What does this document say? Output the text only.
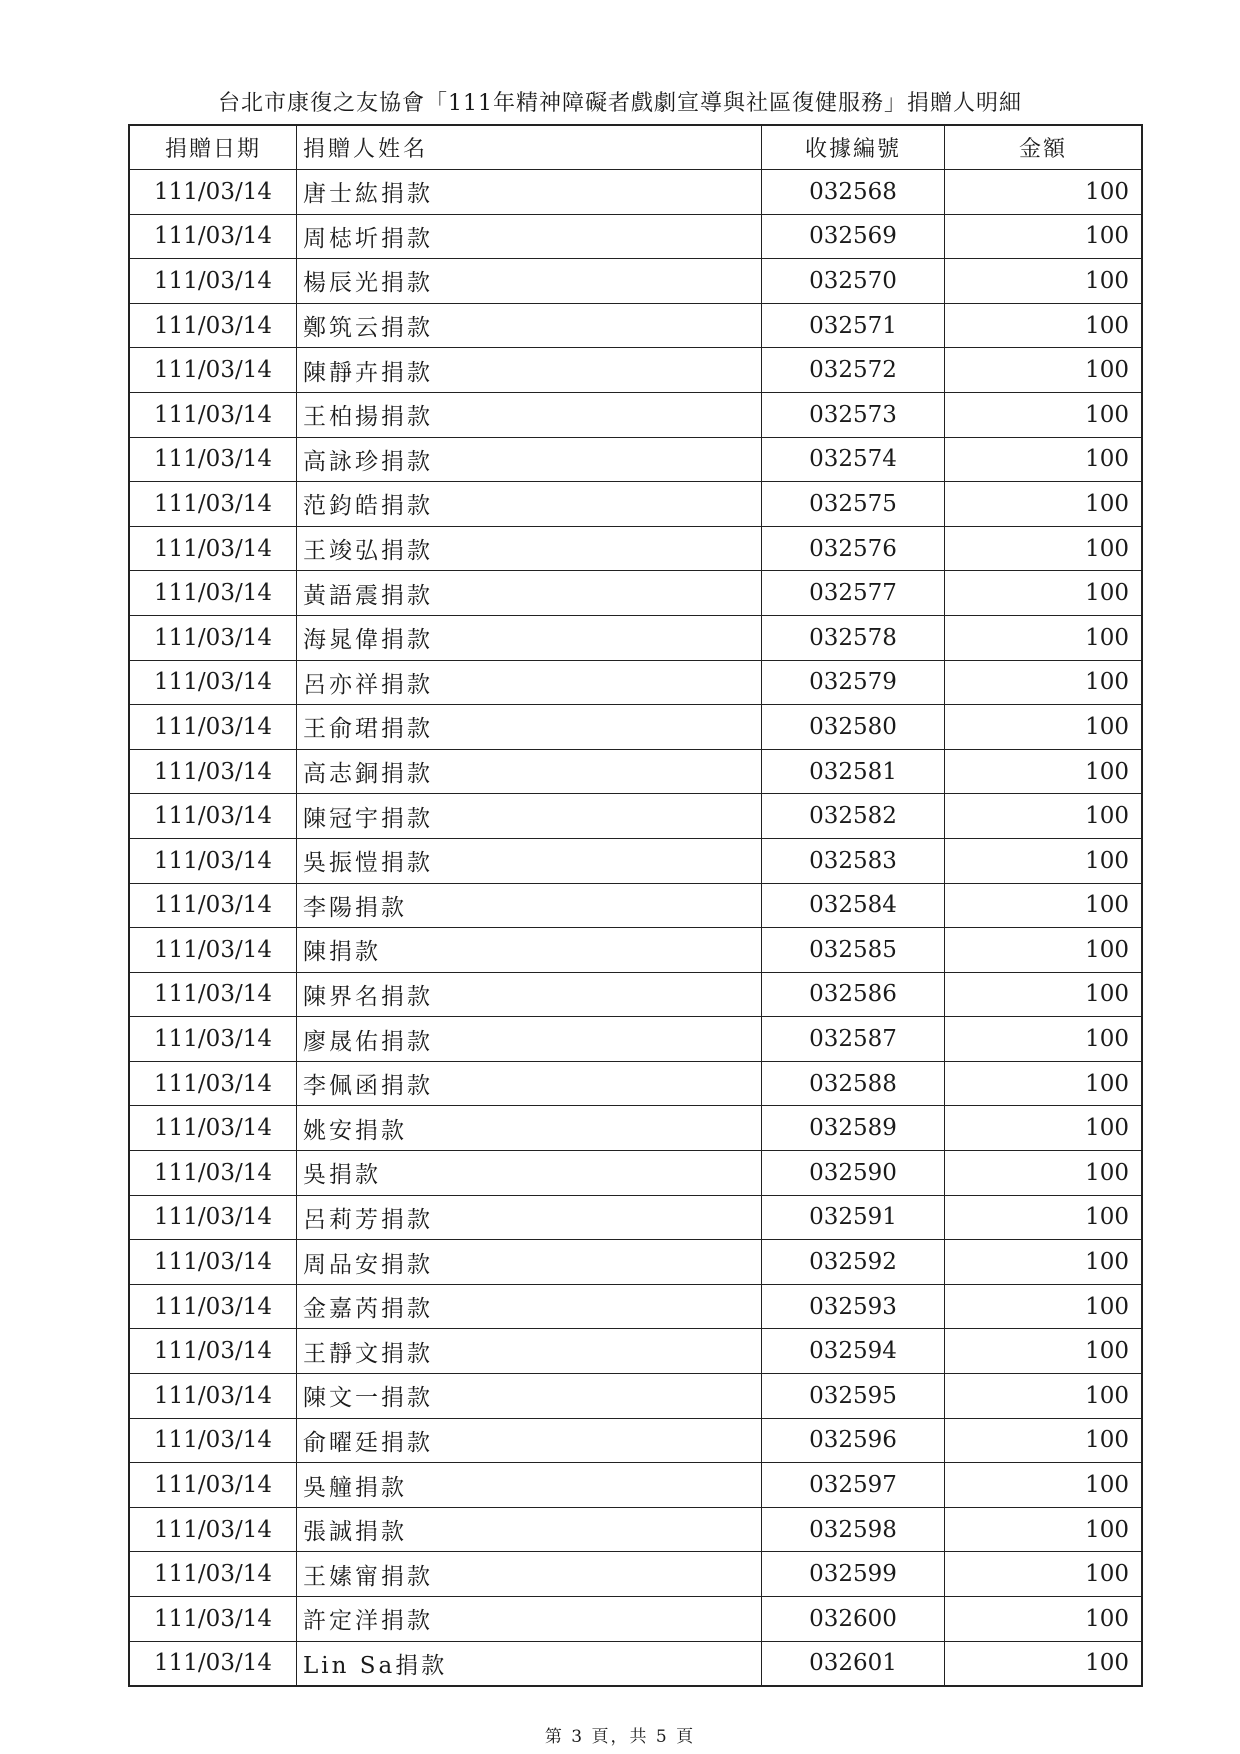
台北市康復之友協會「111年精神障礙者戲劇宣導與社區復健服務」捐贈人明細
捐贈日期	捐贈人姓名	收據編號	金額
111/03/14	唐士紘捐款	032568	100
111/03/14	周梽圻捐款	032569	100
111/03/14	楊辰光捐款	032570	100
111/03/14	鄭筑云捐款	032571	100
111/03/14	陳靜卉捐款	032572	100
111/03/14	王柏揚捐款	032573	100
111/03/14	高詠珍捐款	032574	100
111/03/14	范鈞皓捐款	032575	100
111/03/14	王竣弘捐款	032576	100
111/03/14	黃語震捐款	032577	100
111/03/14	海晁偉捐款	032578	100
111/03/14	呂亦祥捐款	032579	100
111/03/14	王俞珺捐款	032580	100
111/03/14	高志銅捐款	032581	100
111/03/14	陳冠宇捐款	032582	100
111/03/14	吳振愷捐款	032583	100
111/03/14	李陽捐款	032584	100
111/03/14	陳捐款	032585	100
111/03/14	陳界名捐款	032586	100
111/03/14	廖晟佑捐款	032587	100
111/03/14	李佩函捐款	032588	100
111/03/14	姚安捐款	032589	100
111/03/14	吳捐款	032590	100
111/03/14	呂莉芳捐款	032591	100
111/03/14	周品安捐款	032592	100
111/03/14	金嘉芮捐款	032593	100
111/03/14	王靜文捐款	032594	100
111/03/14	陳文一捐款	032595	100
111/03/14	俞曜廷捐款	032596	100
111/03/14	吳艟捐款	032597	100
111/03/14	張誠捐款	032598	100
111/03/14	王嫊甯捐款	032599	100
111/03/14	許定洋捐款	032600	100
111/03/14	Lin Sa捐款	032601	100
第 3 頁，共 5 頁
